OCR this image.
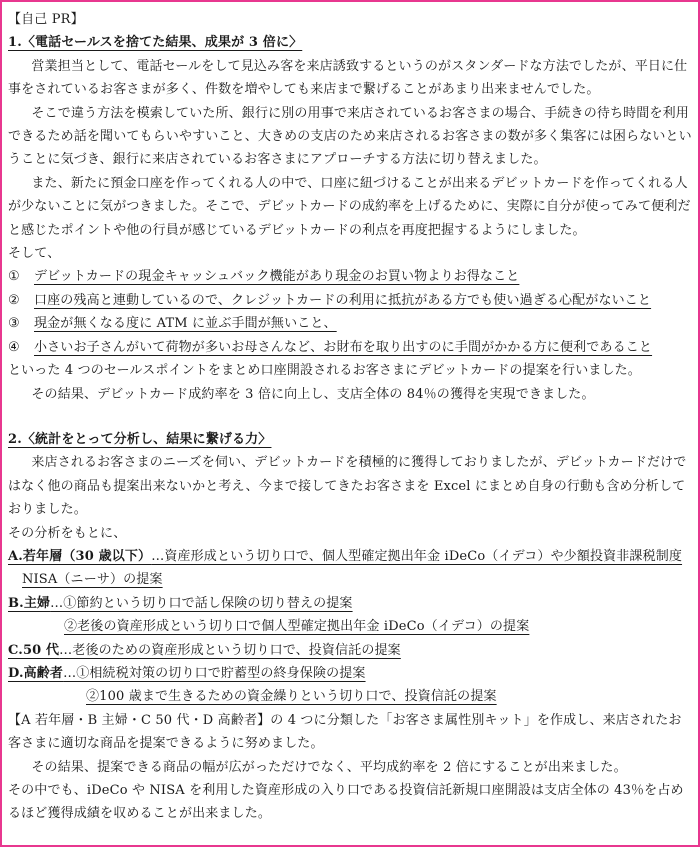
【自己 PR】

1.〈電話セールスを捨てた結果、成果が 3 倍に〉

営業担当として、電話セールをして見込み客を来店誘致するというのがスタンダードな方法でしたが、平日に仕事をされているお客さまが多く、件数を増やしても来店まで繋げることがあまり出来ませんでした。

そこで違う方法を模索していた所、銀行に別の用事で来店されているお客さまの場合、手続きの待ち時間を利用できるため話を聞いてもらいやすいこと、大きめの支店のため来店されるお客さまの数が多く集客には困らないということに気づき、銀行に来店されているお客さまにアプローチする方法に切り替えました。

また、新たに預金口座を作ってくれる人の中で、口座に紐づけることが出来るデビットカードを作ってくれる人が少ないことに気がつきました。そこで、デビットカードの成約率を上げるために、実際に自分が使ってみて便利だと感じたポイントや他の行員が感じているデビットカードの利点を再度把握するようにしました。

そして、

①	デビットカードの現金キャッシュバック機能があり現金のお買い物よりお得なこと
②	口座の残高と連動しているので、クレジットカードの利用に抵抗がある方でも使い過ぎる心配がないこと
③	現金が無くなる度に ATM に並ぶ手間が無いこと、
④	小さいお子さんがいて荷物が多いお母さんなど、お財布を取り出すのに手間がかかる方に便利であること

といった 4 つのセールスポイントをまとめ口座開設されるお客さまにデビットカードの提案を行いました。

その結果、デビットカード成約率を 3 倍に向上し、支店全体の 84％の獲得を実現できました。

2.〈統計をとって分析し、結果に繋げる力〉

来店されるお客さまのニーズを伺い、デビットカードを積極的に獲得しておりましたが、デビットカードだけではなく他の商品も提案出来ないかと考え、今まで接してきたお客さまを Excel にまとめ自身の行動も含め分析しておりました。

その分析をもとに、

A.若年層（30 歳以下）…資産形成という切り口で、個人型確定拠出年金 iDeCo（イデコ）や少額投資非課税制度

NISA（ニーサ）の提案

B.主婦…①節約という切り口で話し保険の切り替えの提案

②老後の資産形成という切り口で個人型確定拠出年金 iDeCo（イデコ）の提案

C.50 代…老後のための資産形成という切り口で、投資信託の提案

D.高齢者…①相続税対策の切り口で貯蓄型の終身保険の提案

②100 歳まで生きるための資金繰りという切り口で、投資信託の提案

【A 若年層・B 主婦・C 50 代・D 高齢者】の 4 つに分類した「お客さま属性別キット」を作成し、来店されたお客さまに適切な商品を提案できるように努めました。

その結果、提案できる商品の幅が広がっただけでなく、平均成約率を 2 倍にすることが出来ました。

その中でも、iDeCo や NISA を利用した資産形成の入り口である投資信託新規口座開設は支店全体の 43％を占めるほど獲得成績を収めることが出来ました。
